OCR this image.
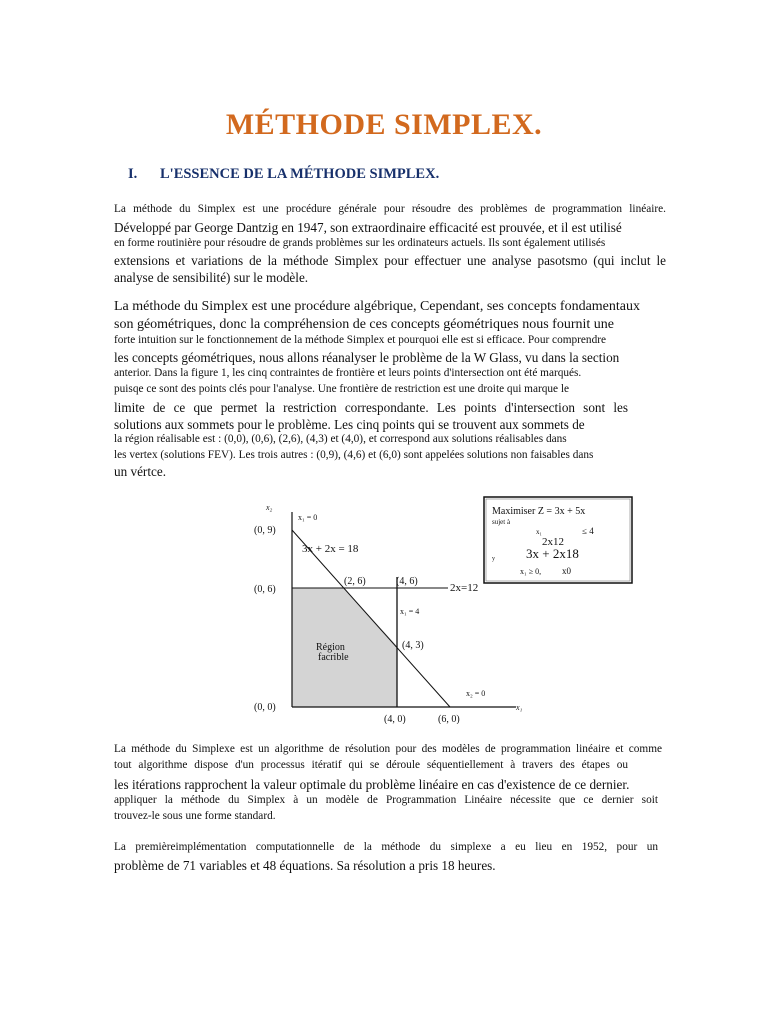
MÉTHODE SIMPLEX.
I. L'ESSENCE DE LA MÉTHODE SIMPLEX.
La méthode du Simplex est une procédure générale pour résoudre des problèmes de programmation linéaire.
Développé par George Dantzig en 1947, son extraordinaire efficacité est prouvée, et il est utilisé
en forme routinière pour résoudre de grands problèmes sur les ordinateurs actuels. Ils sont également utilisés
extensions et variations de la méthode Simplex pour effectuer une analyse pasotsmo (qui inclut le
analyse de sensibilité) sur le modèle.
La méthode du Simplex est une procédure algébrique, Cependant, ses concepts fondamentaux
son géométriques, donc la compréhension de ces concepts géométriques nous fournit une
forte intuition sur le fonctionnement de la méthode Simplex et pourquoi elle est si efficace. Pour comprendre
les concepts géométriques, nous allons réanalyser le problème de la W Glass, vu dans la section
anterior. Dans la figure 1, les cinq contraintes de frontière et leurs points d'intersection ont été marqués.
puisqe ce sont des points clés pour l'analyse. Une frontière de restriction est une droite qui marque le
limite de ce que permet la restriction correspondante. Les points d'intersection sont les
solutions aux sommets pour le problème. Les cinq points qui se trouvent aux sommets de
la région réalisable est : (0,0), (0,6), (2,6), (4,3) et (4,0), et correspond aux solutions réalisables dans
les vertex (solutions FEV). Les trois autres : (0,9), (4,6) et (6,0) sont appelées solutions non faisables dans
un vértce.
x₂
x₁
(0, 9)
(0, 6)
(0, 0)
(2, 6)	(4, 6)
(4, 3)
(4, 0)	(6, 0)
x₁ = 0
3x + 2x = 18
2x=12
x₁ = 4
x₂ = 0
Région
facrible
Maximiser Z = 3x + 5x
sujet à
x₁	≤ 4
2x12
3x + 2x18
y
x₁ ≥ 0, x0
La méthode du Simplexe est un algorithme de résolution pour des modèles de programmation linéaire et comme
tout algorithme dispose d'un processus itératif qui se déroule séquentiellement à travers des étapes ou
les itérations rapprochent la valeur optimale du problème linéaire en cas d'existence de ce dernier.
appliquer la méthode du Simplex à un modèle de Programmation Linéaire nécessite que ce dernier soit
trouvez-le sous une forme standard.
La premièreimplémentation computationnelle de la méthode du simplexe a eu lieu en 1952, pour un
problème de 71 variables et 48 équations. Sa résolution a pris 18 heures.
